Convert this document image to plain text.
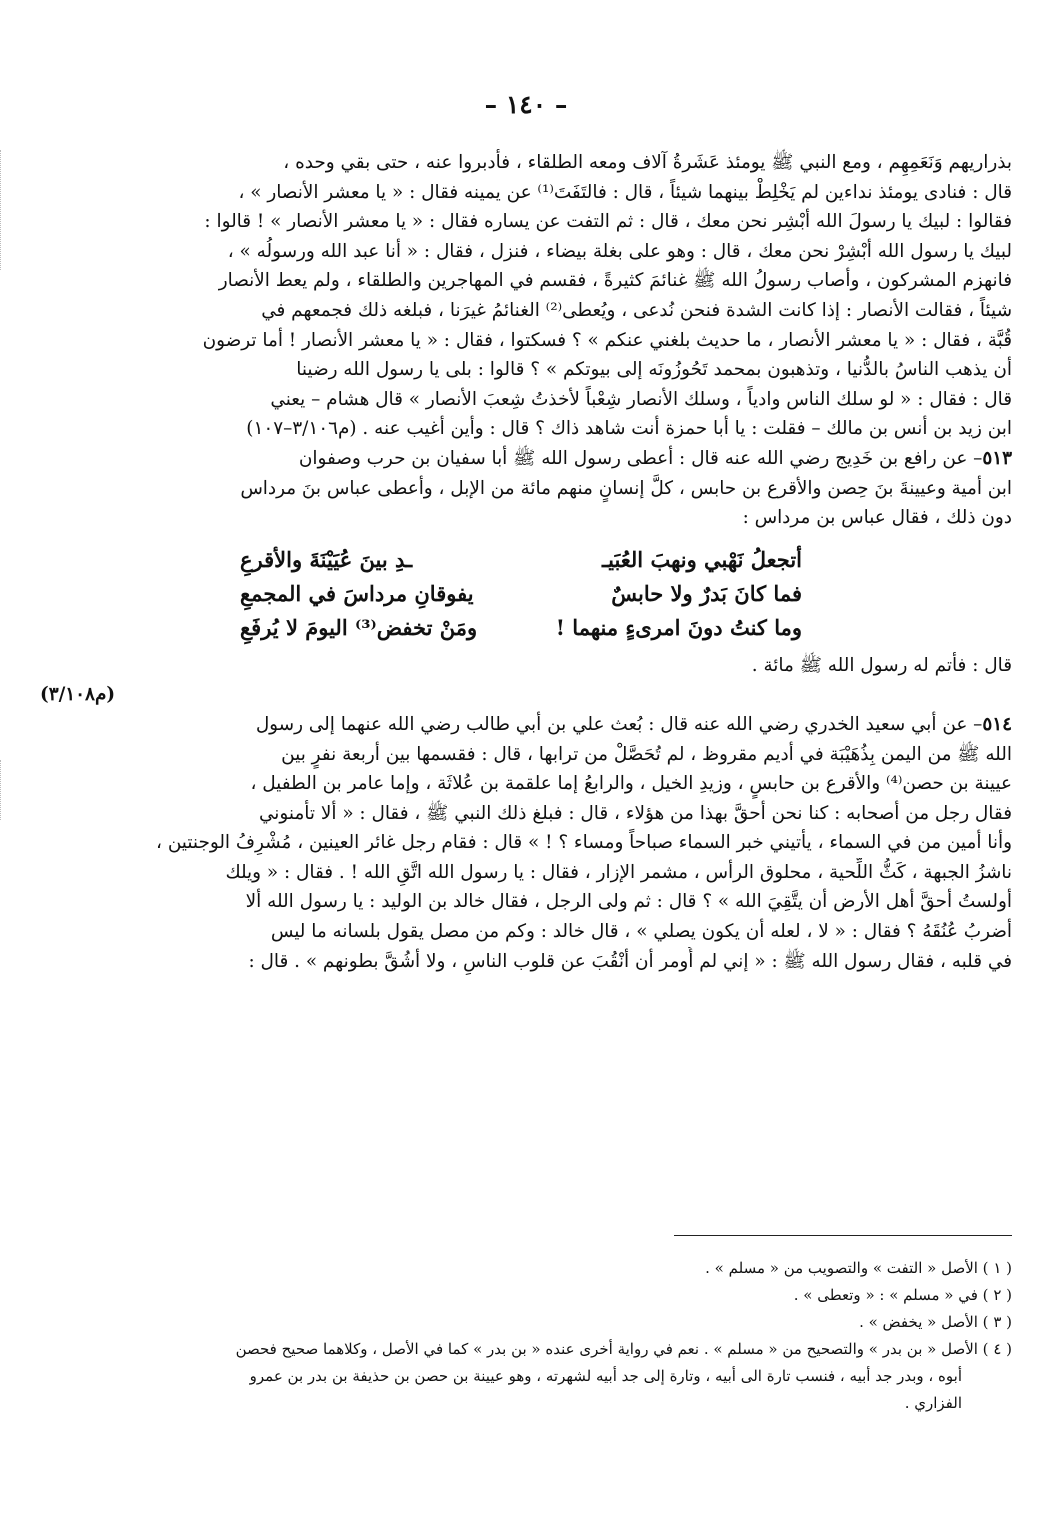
– ١٤٠ –
بذراريهم وَنَعَمِهِم ، ومع النبي ﷺ يومئذ عَشَرةُ آلاف ومعه الطلقاء ، فأدبروا عنه ، حتى بقي وحده ،
قال : فنادى يومئذ نداءين لم يَخْلِطْ بينهما شيئاً ، قال : فالتَفَتَ⁽¹⁾ عن يمينه فقال : « يا معشر الأنصار » ،
فقالوا : لبيك يا رسولَ الله أبْشِر نحن معك ، قال : ثم التفت عن يساره فقال : « يا معشر الأنصار » ! قالوا :
لبيك يا رسول الله أبْشِرْ نحن معك ، قال : وهو على بغلة بيضاء ، فنزل ، فقال : « أنا عبد الله ورسولُه » ،
فانهزم المشركون ، وأصاب رسولُ الله ﷺ غنائمَ كثيرةً ، فقسم في المهاجرين والطلقاء ، ولم يعط الأنصار
شيئاً ، فقالت الأنصار : إذا كانت الشدة فنحن نُدعى ، ويُعطى⁽²⁾ الغنائمُ غيرَنا ، فبلغه ذلك فجمعهم في
قُبَّة ، فقال : « يا معشر الأنصار ، ما حديث بلغني عنكم » ؟ فسكتوا ، فقال : « يا معشر الأنصار ! أما ترضون
أن يذهب الناسُ بالدُّنيا ، وتذهبون بمحمد تَحُوزُونَه إلى بيوتكم » ؟ قالوا : بلى يا رسول الله رضينا
قال : فقال : « لو سلك الناس وادياً ، وسلك الأنصار شِعْباً لأخذتُ شِعبَ الأنصار » قال هشام – يعني
ابن زيد بن أنس بن مالك – فقلت : يا أبا حمزة أنت شاهد ذاك ؟ قال : وأين أغيب عنه . (م٣/١٠٦–١٠٧)
٥١٣– عن رافع بن خَدِيج رضي الله عنه قال : أعطى رسول الله ﷺ أبا سفيان بن حرب وصفوان
ابن أمية وعيينةَ بنَ حِصن والأقرع بن حابس ، كلَّ إنسانٍ منهم مائة من الإبل ، وأعطى عباس بنَ مرداس
دون ذلك ، فقال عباس بن مرداس :
أتجعلُ نَهْبي ونهبَ العُبَيـ
ـدِ بينَ عُيَيْنَةَ والأقرعِ
فما كانَ بَدرٌ ولا حابسٌ
يفوقانِ مرداسَ في المجمعِ
وما كنتُ دونَ امرىءٍ منهما !
ومَنْ تخفض⁽³⁾ اليومَ لا يُرفَعِ
قال : فأتم له رسول الله ﷺ مائة .
(م٣/١٠٨)
٥١٤– عن أبي سعيد الخدري رضي الله عنه قال : بُعث علي بن أبي طالب رضي الله عنهما إلى رسول
الله ﷺ من اليمن بِذُهَيْبَة في أديم مقروظ ، لم تُحَصَّلْ من ترابها ، قال : فقسمها بين أربعة نفرٍ بين
عيينة بن حصن⁽⁴⁾ والأقرع بن حابسٍ ، وزيدِ الخيل ، والرابعُ إما علقمة بن عُلاثَة ، وإما عامر بن الطفيل ،
فقال رجل من أصحابه : كنا نحن أحقَّ بهذا من هؤلاء ، قال : فبلغ ذلك النبي ﷺ ، فقال : « ألا تأمنوني
وأنا أمين من في السماء ، يأتيني خبر السماء صباحاً ومساء ؟ ! » قال : فقام رجل غائر العينين ، مُشْرِفُ الوجنتين ،
ناشزُ الجبهة ، كَثُّ اللِّحية ، محلوق الرأس ، مشمر الإزار ، فقال : يا رسول الله اتَّقِ الله ! . فقال : « ويلك
أولستُ أحقَّ أهل الأرض أن يتَّقِيَ الله » ؟ قال : ثم ولى الرجل ، فقال خالد بن الوليد : يا رسول الله ألا
أضربُ عُنُقَهُ ؟ فقال : « لا ، لعله أن يكون يصلي » ، قال خالد : وكم من مصل يقول بلسانه ما ليس
في قلبه ، فقال رسول الله ﷺ : « إني لم أُومر أن أنْقُبَ عن قلوب الناسِ ، ولا أشُقَّ بطونهم » . قال :
( ١ ) الأصل « التفت » والتصويب من « مسلم » .
( ٢ ) في « مسلم » : « وتعطى » .
( ٣ ) الأصل « يخفض » .
( ٤ ) الأصل « بن بدر » والتصحيح من « مسلم » . نعم في رواية أخرى عنده « بن بدر » كما في الأصل ، وكلاهما صحيح فحصن
أبوه ، وبدر جد أبيه ، فنسب تارة الى أبيه ، وتارة إلى جد أبيه لشهرته ، وهو عيينة بن حصن بن حذيفة بن بدر بن عمرو
الفزاري .
